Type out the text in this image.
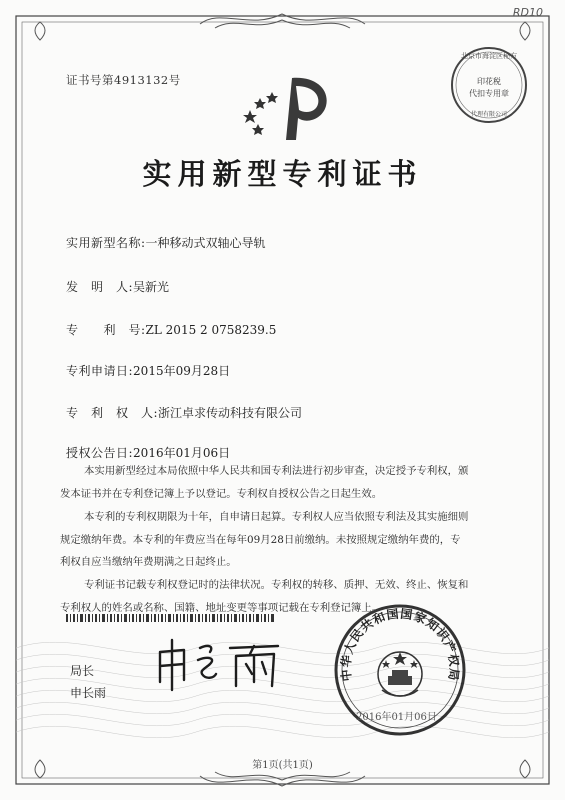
RD10
证书号第4913132号
北京市海淀区秘方
印花税
代扣专用章
代理有限公司
实用新型专利证书
实用新型名称:一种移动式双轴心导轨
发　明　人:吴新光
专　　利　号:ZL 2015 2 0758239.5
专利申请日:2015年09月28日
专　利　权　人:浙江卓求传动科技有限公司
授权公告日:2016年01月06日
本实用新型经过本局依照中华人民共和国专利法进行初步审查，决定授予专利权，颁
发本证书并在专利登记簿上予以登记。专利权自授权公告之日起生效。
本专利的专利权期限为十年，自申请日起算。专利权人应当依照专利法及其实施细则
规定缴纳年费。本专利的年费应当在每年09月28日前缴纳。未按照规定缴纳年费的，专
利权自应当缴纳年费期满之日起终止。
专利证书记载专利权登记时的法律状况。专利权的转移、质押、无效、终止、恢复和
专利权人的姓名或名称、国籍、地址变更等事项记载在专利登记簿上。
局长
申长雨
中华人民共和国国家知识产权局
2016年01月06日
第1页(共1页)
